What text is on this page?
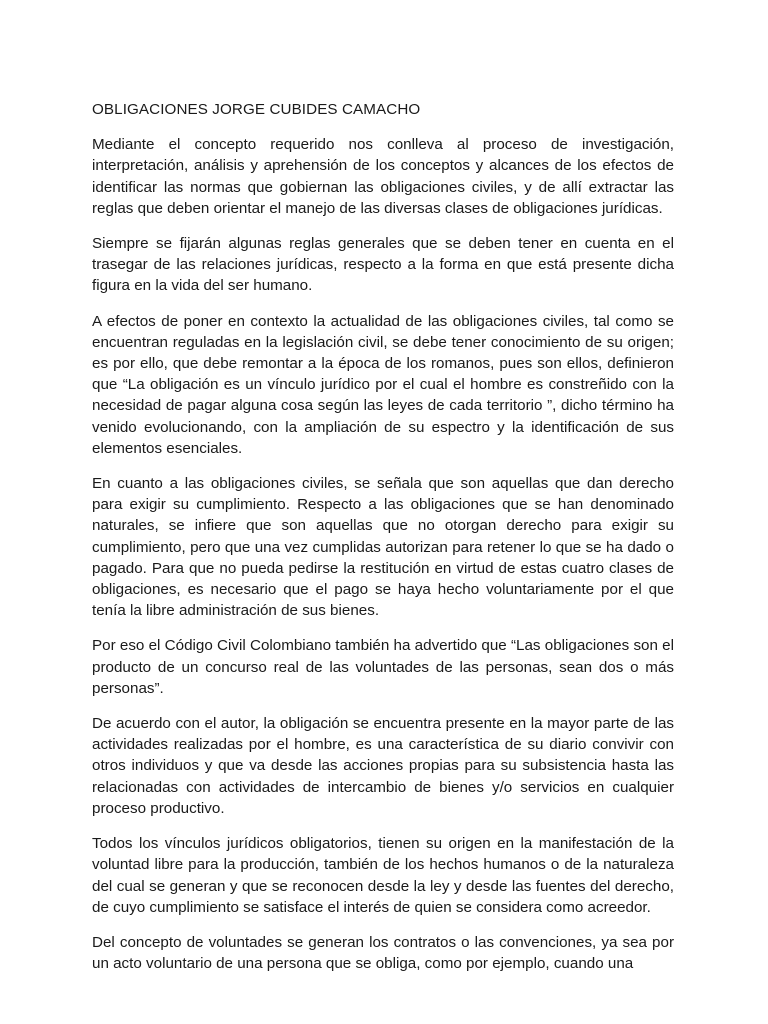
OBLIGACIONES JORGE CUBIDES CAMACHO

Mediante el concepto requerido nos conlleva al proceso de investigación, interpretación, análisis y aprehensión de los conceptos y alcances de los efectos de identificar las normas que gobiernan las obligaciones civiles, y de allí extractar las reglas que deben orientar el manejo de las diversas clases de obligaciones jurídicas.

Siempre se fijarán algunas reglas generales que se deben tener en cuenta en el trasegar de las relaciones jurídicas, respecto a la forma en que está presente dicha figura en la vida del ser humano.

A efectos de poner en contexto la actualidad de las obligaciones civiles, tal como se encuentran reguladas en la legislación civil, se debe tener conocimiento de su origen; es por ello, que debe remontar a la época de los romanos, pues son ellos, definieron que “La obligación es un vínculo jurídico por el cual el hombre es constreñido con la necesidad de pagar alguna cosa según las leyes de cada territorio ”, dicho término ha venido evolucionando, con la ampliación de su espectro y la identificación de sus elementos esenciales.

En cuanto a las obligaciones civiles, se señala que son aquellas que dan derecho para exigir su cumplimiento. Respecto a las obligaciones que se han denominado naturales, se infiere que son aquellas que no otorgan derecho para exigir su cumplimiento, pero que una vez cumplidas autorizan para retener lo que se ha dado o pagado. Para que no pueda pedirse la restitución en virtud de estas cuatro clases de obligaciones, es necesario que el pago se haya hecho voluntariamente por el que tenía la libre administración de sus bienes.

Por eso el Código Civil Colombiano también ha advertido que “Las obligaciones son el producto de un concurso real de las voluntades de las personas, sean dos o más personas”.

De acuerdo con el autor, la obligación se encuentra presente en la mayor parte de las actividades realizadas por el hombre, es una característica de su diario convivir con otros individuos y que va desde las acciones propias para su subsistencia hasta las relacionadas con actividades de intercambio de bienes y/o servicios en cualquier proceso productivo.

Todos los vínculos jurídicos obligatorios, tienen su origen en la manifestación de la voluntad libre para la producción, también de los hechos humanos o de la naturaleza del cual se generan y que se reconocen desde la ley y desde las fuentes del derecho, de cuyo cumplimiento se satisface el interés de quien se considera como acreedor.

Del concepto de voluntades se generan los contratos o las convenciones, ya sea por un acto voluntario de una persona que se obliga, como por ejemplo, cuando una
